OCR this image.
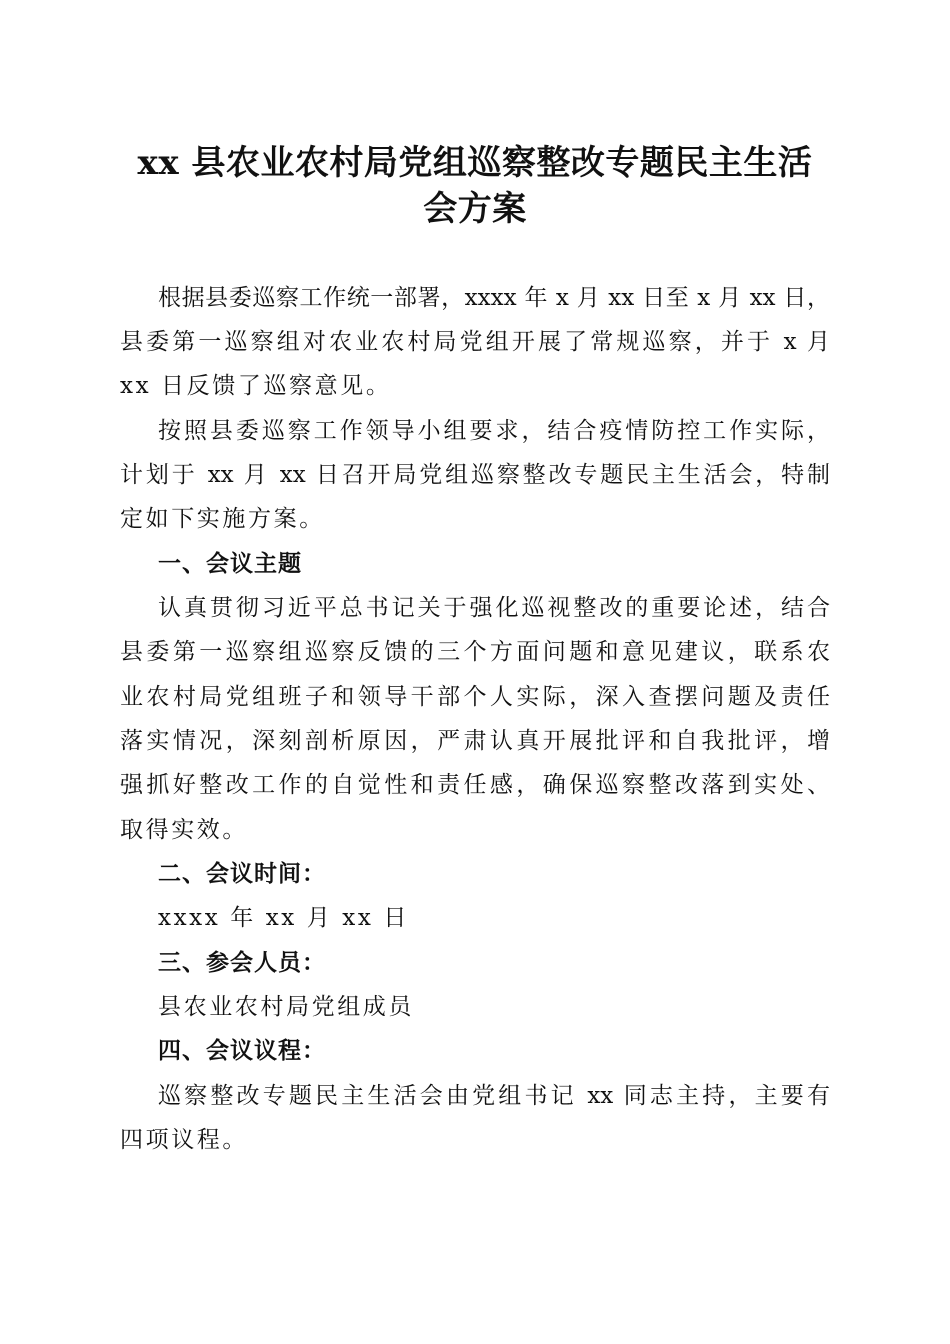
xx 县农业农村局党组巡察整改专题民主生活
会方案
根据县委巡察工作统一部署，xxxx 年 x 月 xx 日至 x 月 xx 日，
县委第一巡察组对农业农村局党组开展了常规巡察，并于 x 月
xx 日反馈了巡察意见。
按照县委巡察工作领导小组要求，结合疫情防控工作实际，
计划于 xx 月 xx 日召开局党组巡察整改专题民主生活会，特制
定如下实施方案。
一、会议主题
认真贯彻习近平总书记关于强化巡视整改的重要论述，结合
县委第一巡察组巡察反馈的三个方面问题和意见建议，联系农
业农村局党组班子和领导干部个人实际，深入查摆问题及责任
落实情况，深刻剖析原因，严肃认真开展批评和自我批评，增
强抓好整改工作的自觉性和责任感，确保巡察整改落到实处、
取得实效。
二、会议时间：
xxxx 年 xx 月 xx 日
三、参会人员：
县农业农村局党组成员
四、会议议程：
巡察整改专题民主生活会由党组书记 xx 同志主持，主要有
四项议程。
